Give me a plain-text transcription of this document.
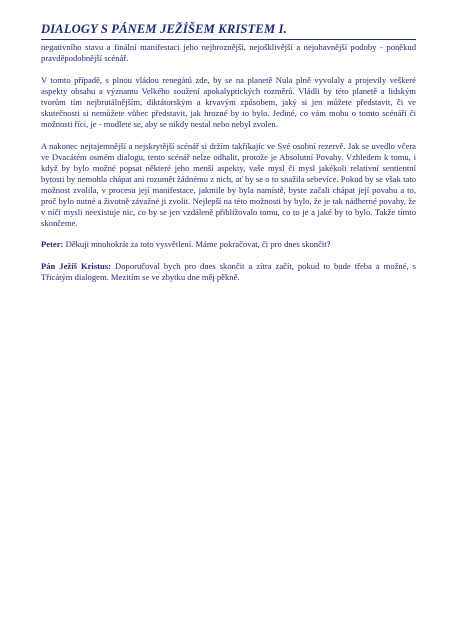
DIALOGY S PÁNEM JEŽÍŠEM KRISTEM I.

negativního stavu a finální manifestaci jeho nejhroznější, nejošklivější a nejohavnější podoby - poněkud pravděpodobnější scénář.

V tomto případě, s plnou vládou renegátů zde, by se na planetě Nula plně vyvolaly a projevily veškeré aspekty obsahu a významu Velkého soužení apokalyptických rozměrů. Vládli by této planetě a lidským tvorům tím nejbrutálnějším, diktátorským a krvavým způsobem, jaký si jen můžete představit, či ve skutečnosti si nemůžete vůbec představit, jak hrozné by to bylo. Jediné, co vám mohu o tomto scénáři či možnosti říci, je - modlete se, aby se nikdy nestal nebo nebyl zvolen.

A nakonec nejtajemnější a nejskrytější scénář si držím takříkajíc ve Své osobní rezervě. Jak se uvedlo včera ve Dvacátém osmém dialogu, tento scénář nelze odhalit, protože je Absolutní Povahy. Vzhledem k tomu, i když by bylo možné popsat některé jeho menší aspekty, vaše mysl či mysl jakékoli relativní sentientní bytosti by nemohla chápat ani rozumět žádnému z nich, ať by se o to snažila sebevíce. Pokud by se však tato možnost zvolila, v procesu její manifestace, jakmile by byla namístě, byste začali chápat její povahu a to, proč bylo nutné a životně závažné ji zvolit. Nejlepší na této možnosti by bylo, že je tak nádherné povahy, že v níčí mysli neexistuje nic, co by se jen vzdáleně přibližovalo tomu, co to je a jaké by to bylo. Takže tímto skončeme.

Peter: Děkuji mnohokrát za toto vysvětlení. Máme pokračovat, či pro dnes skončit?

Pán Ježíš Kristus: Doporučoval bych pro dnes skončit a zítra začít, pokud to bude třeba a možné, s Třicátým dialogem. Mezitím se ve zbytku dne měj pěkně.
